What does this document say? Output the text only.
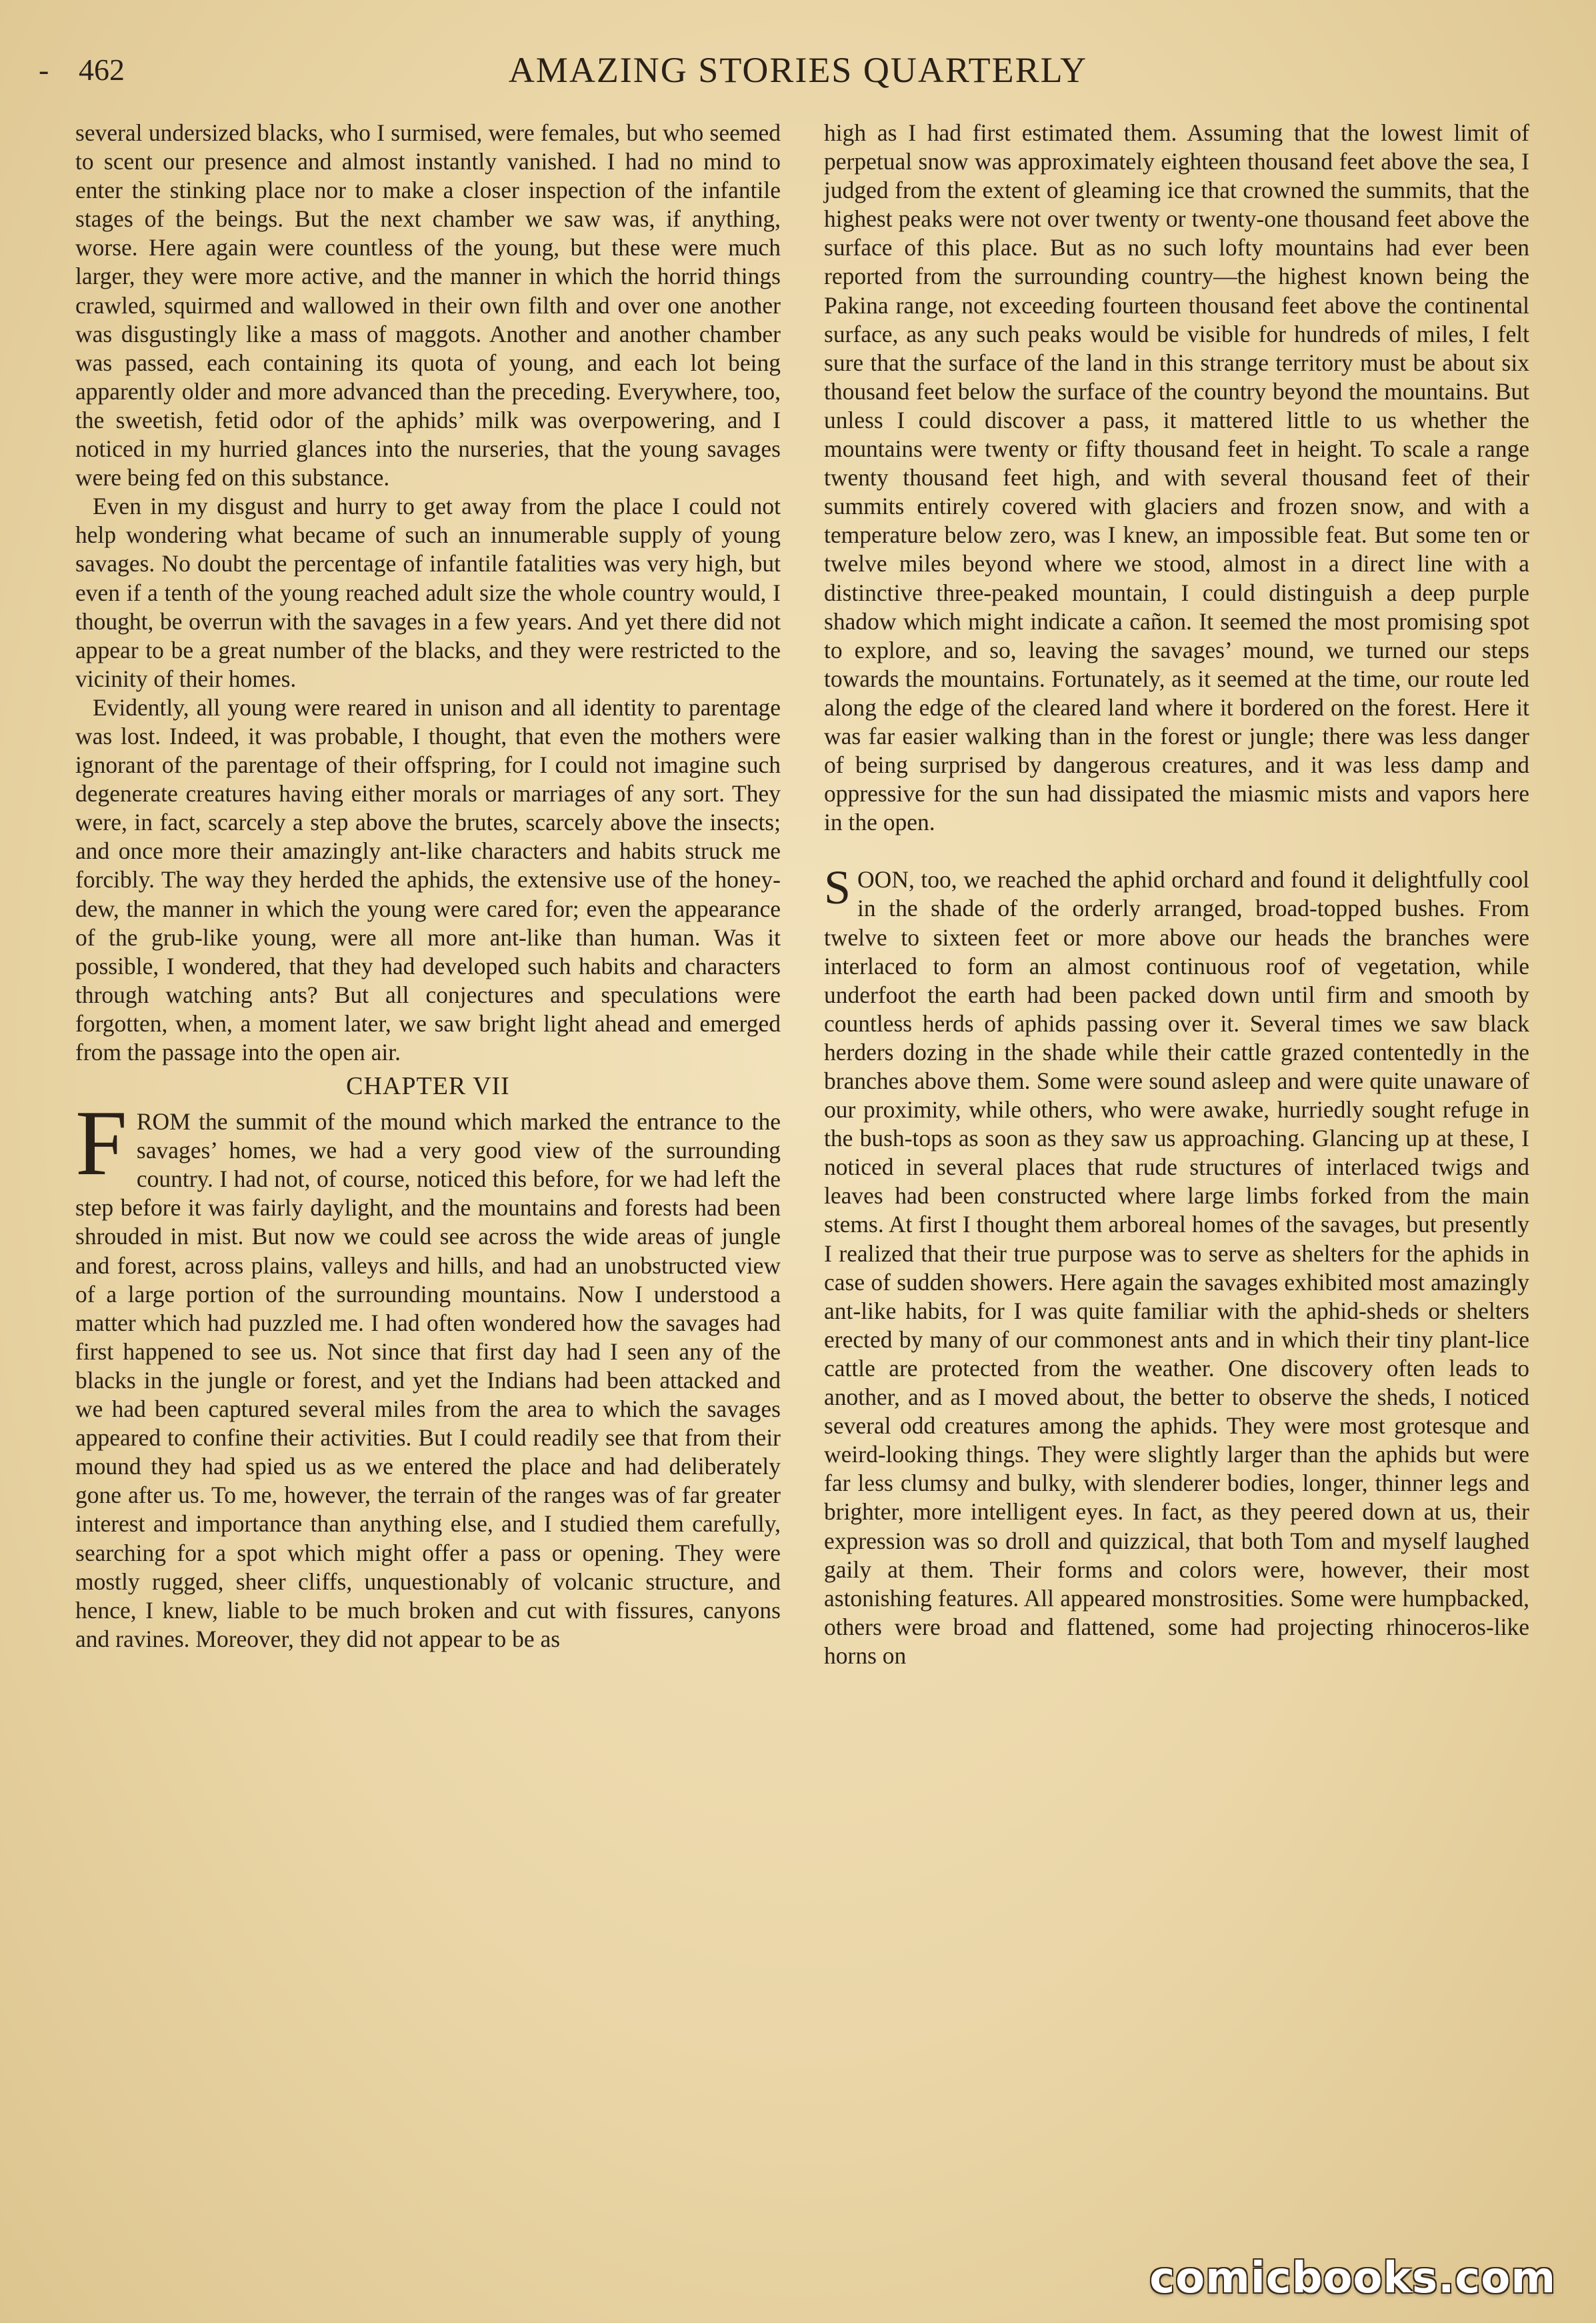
- 462	AMAZING STORIES QUARTERLY

several undersized blacks, who I surmised, were females, but who seemed to scent our presence and almost instantly vanished. I had no mind to enter the stinking place nor to make a closer inspection of the infantile stages of the beings. But the next chamber we saw was, if anything, worse. Here again were countless of the young, but these were much larger, they were more active, and the manner in which the horrid things crawled, squirmed and wallowed in their own filth and over one another was disgustingly like a mass of maggots. Another and another chamber was passed, each containing its quota of young, and each lot being apparently older and more advanced than the preceding. Everywhere, too, the sweetish, fetid odor of the aphids’ milk was overpowering, and I noticed in my hurried glances into the nurseries, that the young savages were being fed on this substance.

Even in my disgust and hurry to get away from the place I could not help wondering what became of such an innumerable supply of young savages. No doubt the percentage of infantile fatalities was very high, but even if a tenth of the young reached adult size the whole country would, I thought, be overrun with the savages in a few years. And yet there did not appear to be a great number of the blacks, and they were restricted to the vicinity of their homes.

Evidently, all young were reared in unison and all identity to parentage was lost. Indeed, it was probable, I thought, that even the mothers were ignorant of the parentage of their offspring, for I could not imagine such degenerate creatures having either morals or marriages of any sort. They were, in fact, scarcely a step above the brutes, scarcely above the insects; and once more their amazingly ant-like characters and habits struck me forcibly. The way they herded the aphids, the extensive use of the honey-dew, the manner in which the young were cared for; even the appearance of the grub-like young, were all more ant-like than human. Was it possible, I wondered, that they had developed such habits and characters through watching ants? But all conjectures and speculations were forgotten, when, a moment later, we saw bright light ahead and emerged from the passage into the open air.

CHAPTER VII

FROM the summit of the mound which marked the entrance to the savages’ homes, we had a very good view of the surrounding country. I had not, of course, noticed this before, for we had left the step before it was fairly daylight, and the mountains and forests had been shrouded in mist. But now we could see across the wide areas of jungle and forest, across plains, valleys and hills, and had an unobstructed view of a large portion of the surrounding mountains. Now I understood a matter which had puzzled me. I had often wondered how the savages had first happened to see us. Not since that first day had I seen any of the blacks in the jungle or forest, and yet the Indians had been attacked and we had been captured several miles from the area to which the savages appeared to confine their activities. But I could readily see that from their mound they had spied us as we entered the place and had deliberately gone after us. To me, however, the terrain of the ranges was of far greater interest and importance than anything else, and I studied them carefully, searching for a spot which might offer a pass or opening. They were mostly rugged, sheer cliffs, unquestionably of volcanic structure, and hence, I knew, liable to be much broken and cut with fissures, canyons and ravines. Moreover, they did not appear to be as

high as I had first estimated them. Assuming that the lowest limit of perpetual snow was approximately eighteen thousand feet above the sea, I judged from the extent of gleaming ice that crowned the summits, that the highest peaks were not over twenty or twenty-one thousand feet above the surface of this place. But as no such lofty mountains had ever been reported from the surrounding country—the highest known being the Pakina range, not exceeding fourteen thousand feet above the continental surface, as any such peaks would be visible for hundreds of miles, I felt sure that the surface of the land in this strange territory must be about six thousand feet below the surface of the country beyond the mountains. But unless I could discover a pass, it mattered little to us whether the mountains were twenty or fifty thousand feet in height. To scale a range twenty thousand feet high, and with several thousand feet of their summits entirely covered with glaciers and frozen snow, and with a temperature below zero, was I knew, an impossible feat. But some ten or twelve miles beyond where we stood, almost in a direct line with a distinctive three-peaked mountain, I could distinguish a deep purple shadow which might indicate a cañon. It seemed the most promising spot to explore, and so, leaving the savages’ mound, we turned our steps towards the mountains. Fortunately, as it seemed at the time, our route led along the edge of the cleared land where it bordered on the forest. Here it was far easier walking than in the forest or jungle; there was less danger of being surprised by dangerous creatures, and it was less damp and oppressive for the sun had dissipated the miasmic mists and vapors here in the open.

SOON, too, we reached the aphid orchard and found it delightfully cool in the shade of the orderly arranged, broad-topped bushes. From twelve to sixteen feet or more above our heads the branches were interlaced to form an almost continuous roof of vegetation, while underfoot the earth had been packed down until firm and smooth by countless herds of aphids passing over it. Several times we saw black herders dozing in the shade while their cattle grazed contentedly in the branches above them. Some were sound asleep and were quite unaware of our proximity, while others, who were awake, hurriedly sought refuge in the bush-tops as soon as they saw us approaching. Glancing up at these, I noticed in several places that rude structures of interlaced twigs and leaves had been constructed where large limbs forked from the main stems. At first I thought them arboreal homes of the savages, but presently I realized that their true purpose was to serve as shelters for the aphids in case of sudden showers. Here again the savages exhibited most amazingly ant-like habits, for I was quite familiar with the aphid-sheds or shelters erected by many of our commonest ants and in which their tiny plant-lice cattle are protected from the weather. One discovery often leads to another, and as I moved about, the better to observe the sheds, I noticed several odd creatures among the aphids. They were most grotesque and weird-looking things. They were slightly larger than the aphids but were far less clumsy and bulky, with slenderer bodies, longer, thinner legs and brighter, more intelligent eyes. In fact, as they peered down at us, their expression was so droll and quizzical, that both Tom and myself laughed gaily at them. Their forms and colors were, however, their most astonishing features. All appeared monstrosities. Some were humpbacked, others were broad and flattened, some had projecting rhinoceros-like horns on

comicbooks.com
